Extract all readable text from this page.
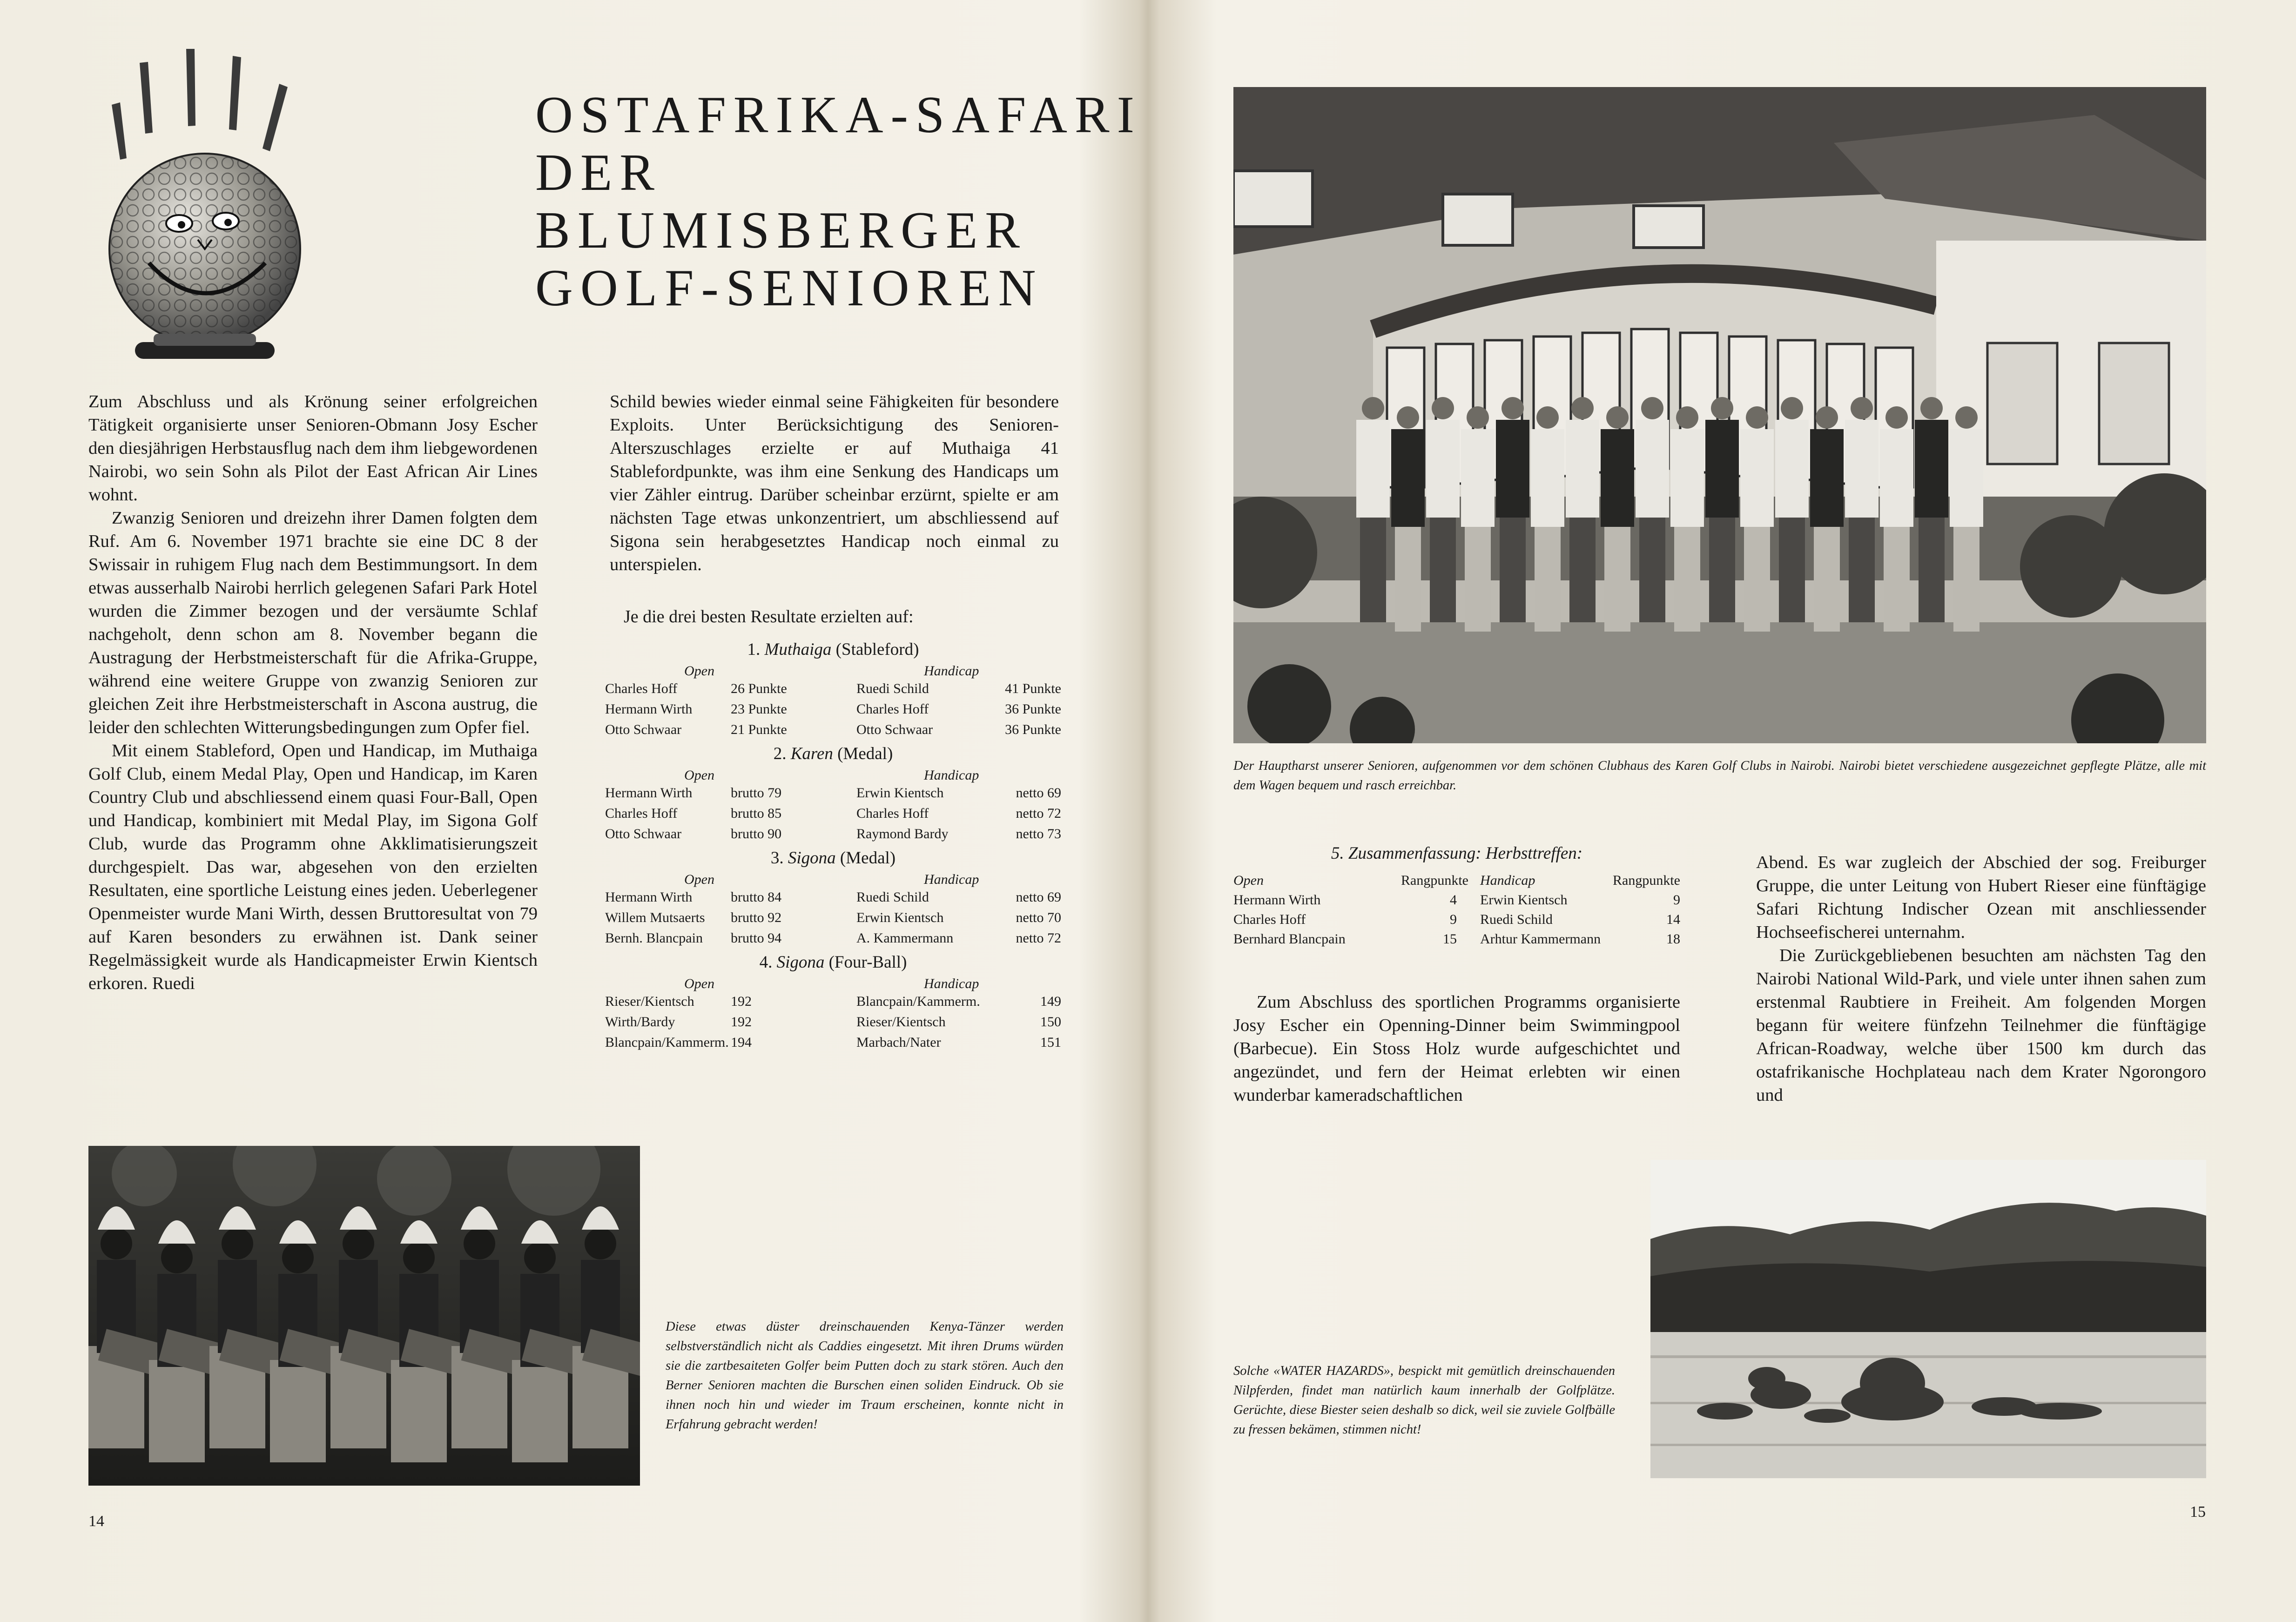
OSTAFRIKA-SAFARI
DER
BLUMISBERGER
GOLF-SENIOREN

Zum Abschluss und als Krönung seiner erfolgreichen Tätigkeit organisierte unser Senioren-Obmann Josy Escher den diesjährigen Herbstausflug nach dem ihm liebgewordenen Nairobi, wo sein Sohn als Pilot der East African Air Lines wohnt.

Zwanzig Senioren und dreizehn ihrer Damen folgten dem Ruf. Am 6. November 1971 brachte sie eine DC 8 der Swissair in ruhigem Flug nach dem Bestimmungsort. In dem etwas ausserhalb Nairobi herrlich gelegenen Safari Park Hotel wurden die Zimmer bezogen und der versäumte Schlaf nachgeholt, denn schon am 8. November begann die Austragung der Herbstmeisterschaft für die Afrika-Gruppe, während eine weitere Gruppe von zwanzig Senioren zur gleichen Zeit ihre Herbstmeisterschaft in Ascona austrug, die leider den schlechten Witterungsbedingungen zum Opfer fiel.

Mit einem Stableford, Open und Handicap, im Muthaiga Golf Club, einem Medal Play, Open und Handicap, im Karen Country Club und abschliessend einem quasi Four-Ball, Open und Handicap, kombiniert mit Medal Play, im Sigona Golf Club, wurde das Programm ohne Akklimatisierungszeit durchgespielt. Das war, abgesehen von den erzielten Resultaten, eine sportliche Leistung eines jeden. Ueberlegener Openmeister wurde Mani Wirth, dessen Bruttoresultat von 79 auf Karen besonders zu erwähnen ist. Dank seiner Regelmässigkeit wurde als Handicapmeister Erwin Kientsch erkoren. Ruedi

Schild bewies wieder einmal seine Fähigkeiten für besondere Exploits. Unter Berücksichtigung des Senioren-Alterszuschlages erzielte er auf Muthaiga 41 Stablefordpunkte, was ihm eine Senkung des Handicaps um vier Zähler eintrug. Darüber scheinbar erzürnt, spielte er am nächsten Tage etwas unkonzentriert, um abschliessend auf Sigona sein herabgesetztes Handicap noch einmal zu unterspielen.

Je die drei besten Resultate erzielten auf:
1. Muthaiga (Stableford)
Open	Handicap
Charles Hoff	26 Punkte	Ruedi Schild	41 Punkte
Hermann Wirth	23 Punkte	Charles Hoff	36 Punkte
Otto Schwaar	21 Punkte	Otto Schwaar	36 Punkte
2. Karen (Medal)
Open	Handicap
Hermann Wirth	brutto 79	Erwin Kientsch	netto 69
Charles Hoff	brutto 85	Charles Hoff	netto 72
Otto Schwaar	brutto 90	Raymond Bardy	netto 73
3. Sigona (Medal)
Open	Handicap
Hermann Wirth	brutto 84	Ruedi Schild	netto 69
Willem Mutsaerts brutto 92	Erwin Kientsch	netto 70
Bernh. Blancpain brutto 94	A. Kammermann	netto 72
4. Sigona (Four-Ball)
Open	Handicap
Rieser/Kientsch	192	Blancpain/Kammerm.	149
Wirth/Bardy	192	Rieser/Kientsch	150
Blancpain/Kammerm. 194	Marbach/Nater	151
Diese etwas düster dreinschauenden Kenya-Tänzer werden selbstverständlich nicht als Caddies eingesetzt. Mit ihren Drums würden sie die zartbesaiteten Golfer beim Putten doch zu stark stören. Auch den Berner Senioren machten die Burschen einen soliden Eindruck. Ob sie ihnen noch hin und wieder im Traum erscheinen, konnte nicht in Erfahrung gebracht werden!
14
Der Hauptharst unserer Senioren, aufgenommen vor dem schönen Clubhaus des Karen Golf Clubs in Nairobi. Nairobi bietet verschiedene ausgezeichnet gepflegte Plätze, alle mit dem Wagen bequem und rasch erreichbar.
5. Zusammenfassung: Herbsttreffen:
Open	Rangpunkte Handicap	Rangpunkte
Hermann Wirth	4 Erwin Kientsch	9
Charles Hoff	9 Ruedi Schild	14
Bernhard Blancpain	15 Arhtur Kammermann	18

Zum Abschluss des sportlichen Programms organisierte Josy Escher ein Openning-Dinner beim Swimmingpool (Barbecue). Ein Stoss Holz wurde aufgeschichtet und angezündet, und fern der Heimat erlebten wir einen wunderbar kameradschaftlichen

Abend. Es war zugleich der Abschied der sog. Freiburger Gruppe, die unter Leitung von Hubert Rieser eine fünftägige Safari Richtung Indischer Ozean mit anschliessender Hochseefischerei unternahm.

Die Zurückgebliebenen besuchten am nächsten Tag den Nairobi National Wild-Park, und viele unter ihnen sahen zum erstenmal Raubtiere in Freiheit. Am folgenden Morgen begann für weitere fünfzehn Teilnehmer die fünftägige African-Roadway, welche über 1500 km durch das ostafrikanische Hochplateau nach dem Krater Ngorongoro und

Solche «WATER HAZARDS», bespickt mit gemütlich dreinschauenden Nilpferden, findet man natürlich kaum innerhalb der Golfplätze. Gerüchte, diese Biester seien deshalb so dick, weil sie zuviele Golfbälle zu fressen bekämen, stimmen nicht!
15
